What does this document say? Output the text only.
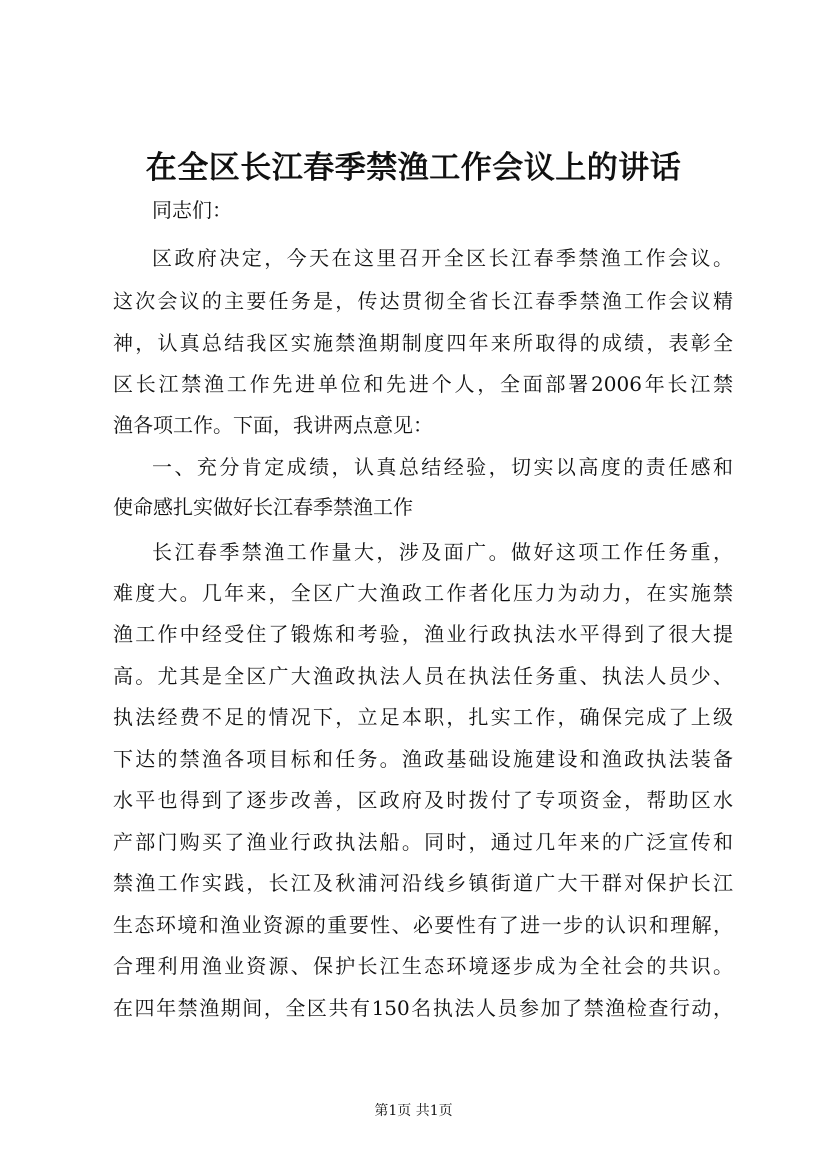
在全区长江春季禁渔工作会议上的讲话
同志们：
区政府决定，今天在这里召开全区长江春季禁渔工作会议。
这次会议的主要任务是，传达贯彻全省长江春季禁渔工作会议精
神，认真总结我区实施禁渔期制度四年来所取得的成绩，表彰全
区长江禁渔工作先进单位和先进个人，全面部署2006年长江禁
渔各项工作。下面，我讲两点意见：
一、充分肯定成绩，认真总结经验，切实以高度的责任感和
使命感扎实做好长江春季禁渔工作
长江春季禁渔工作量大，涉及面广。做好这项工作任务重，
难度大。几年来，全区广大渔政工作者化压力为动力，在实施禁
渔工作中经受住了锻炼和考验，渔业行政执法水平得到了很大提
高。尤其是全区广大渔政执法人员在执法任务重、执法人员少、
执法经费不足的情况下，立足本职，扎实工作，确保完成了上级
下达的禁渔各项目标和任务。渔政基础设施建设和渔政执法装备
水平也得到了逐步改善，区政府及时拨付了专项资金，帮助区水
产部门购买了渔业行政执法船。同时，通过几年来的广泛宣传和
禁渔工作实践，长江及秋浦河沿线乡镇街道广大干群对保护长江
生态环境和渔业资源的重要性、必要性有了进一步的认识和理解，
合理利用渔业资源、保护长江生态环境逐步成为全社会的共识。
在四年禁渔期间，全区共有150名执法人员参加了禁渔检查行动，
第1页 共1页
